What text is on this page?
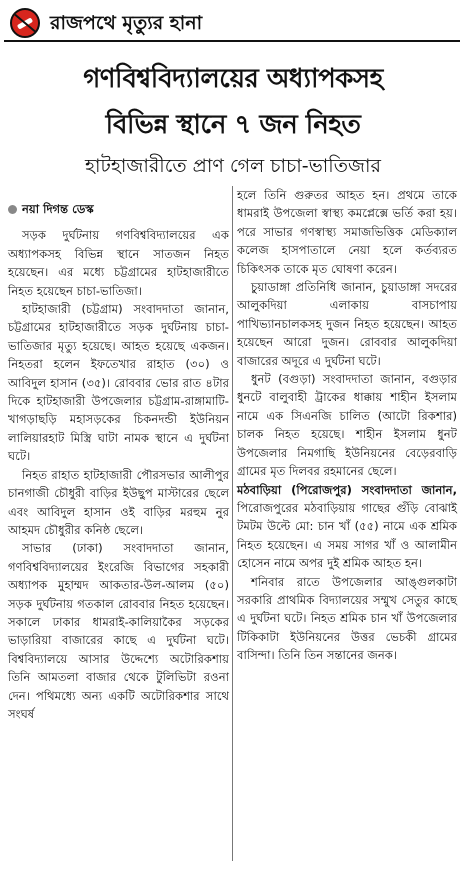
রাজপথে মৃত্যুর হানা
গণবিশ্ববিদ্যালয়ের অধ্যাপকসহ
বিভিন্ন স্থানে ৭ জন নিহত
হাটহাজারীতে প্রাণ গেল চাচা-ভাতিজার
নয়া দিগন্ত ডেস্ক

সড়ক দুর্ঘটনায় গণবিশ্ববিদ্যালয়ের এক অধ্যাপকসহ বিভিন্ন স্থানে সাতজন নিহত হয়েছেন। এর মধ্যে চট্টগ্রামের হাটহাজারীতে নিহত হয়েছেন চাচা-ভাতিজা।

হাটহাজারী (চট্টগ্রাম) সংবাদদাতা জানান, চট্টগ্রামের হাটহাজারীতে সড়ক দুর্ঘটনায় চাচা-ভাতিজার মৃত্যু হয়েছে। আহত হয়েছে একজন। নিহতরা হলেন ইফতেখার রাহাত (৩০) ও আবিদুল হাসান (৩৫)। রোববার ভোর রাত ৪টার দিকে হাটহাজারী উপজেলার চট্টগ্রাম-রাঙ্গামাটি-খাগড়াছড়ি মহাসড়কের চিকনদন্ডী ইউনিয়ন লালিয়ারহাট মিস্ত্রি ঘাটা নামক স্থানে এ দুর্ঘটনা ঘটে।

নিহত রাহাত হাটহাজারী পৌরসভার আলীপুর চানগাজী চৌধুরী বাড়ির ইউছুপ মাস্টারের ছেলে এবং আবিদুল হাসান ওই বাড়ির মরহুম নুর আহমদ চৌধুরীর কনিষ্ঠ ছেলে।

সাভার (ঢাকা) সংবাদদাতা জানান, গণবিশ্ববিদ্যালয়ের ইংরেজি বিভাগের সহকারী অধ্যাপক মুহাম্মদ আকতার-উল-আলম (৫০) সড়ক দুর্ঘটনায় গতকাল রোববার নিহত হয়েছেন। সকালে ঢাকার ধামরাই-কালিয়াকৈর সড়কের ভাড়ারিয়া বাজারের কাছে এ দুর্ঘটনা ঘটে। বিশ্ববিদ্যালয়ে আসার উদ্দেশ্যে অটোরিকশায় তিনি আমতলা বাজার থেকে টুলিভিটা রওনা দেন। পথিমধ্যে অন্য একটি অটোরিকশার সাথে সংঘর্ষ

হলে তিনি গুরুতর আহত হন। প্রথমে তাকে ধামরাই উপজেলা স্বাস্থ্য কমপ্লেক্সে ভর্তি করা হয়। পরে সাভার গণস্বাস্থ্য সমাজভিত্তিক মেডিক্যাল কলেজ হাসপাতালে নেয়া হলে কর্তব্যরত চিকিৎসক তাকে মৃত ঘোষণা করেন।

চুয়াডাঙ্গা প্রতিনিধি জানান, চুয়াডাঙ্গা সদরের আলুকদিয়া এলাকায় বাসচাপায় পাখিভ্যানচালকসহ দুজন নিহত হয়েছেন। আহত হয়েছেন আরো দুজন। রোববার আলুকদিয়া বাজারের অদূরে এ দুর্ঘটনা ঘটে।

ধুনট (বগুড়া) সংবাদদাতা জানান, বগুড়ার ধুনটে বালুবাহী ট্রাকের ধাক্কায় শাহীন ইসলাম নামে এক সিএনজি চালিত (আটো রিকশার) চালক নিহত হয়েছে। শাহীন ইসলাম ধুনট উপজেলার নিমগাছি ইউনিয়নের বেড়েরবাড়ি গ্রামের মৃত দিলবর রহমানের ছেলে।

মঠবাড়িয়া (পিরোজপুর) সংবাদদাতা জানান, পিরোজপুরের মঠবাড়িয়ায় গাছের গুঁড়ি বোঝাই টমটম উল্টে মো: চান খাঁ (৫৫) নামে এক শ্রমিক নিহত হয়েছেন। এ সময় সাগর খাঁ ও আলামীন হোসেন নামে অপর দুই শ্রমিক আহত হন।

শনিবার রাতে উপজেলার আঙ্গুলকাটা সরকারি প্রাথমিক বিদ্যালয়ের সম্মুখ সেতুর কাছে এ দুর্ঘটনা ঘটে। নিহত শ্রমিক চান খাঁ উপজেলার টিকিকাটা ইউনিয়নের উত্তর ভেচকী গ্রামের বাসিন্দা। তিনি তিন সন্তানের জনক।
